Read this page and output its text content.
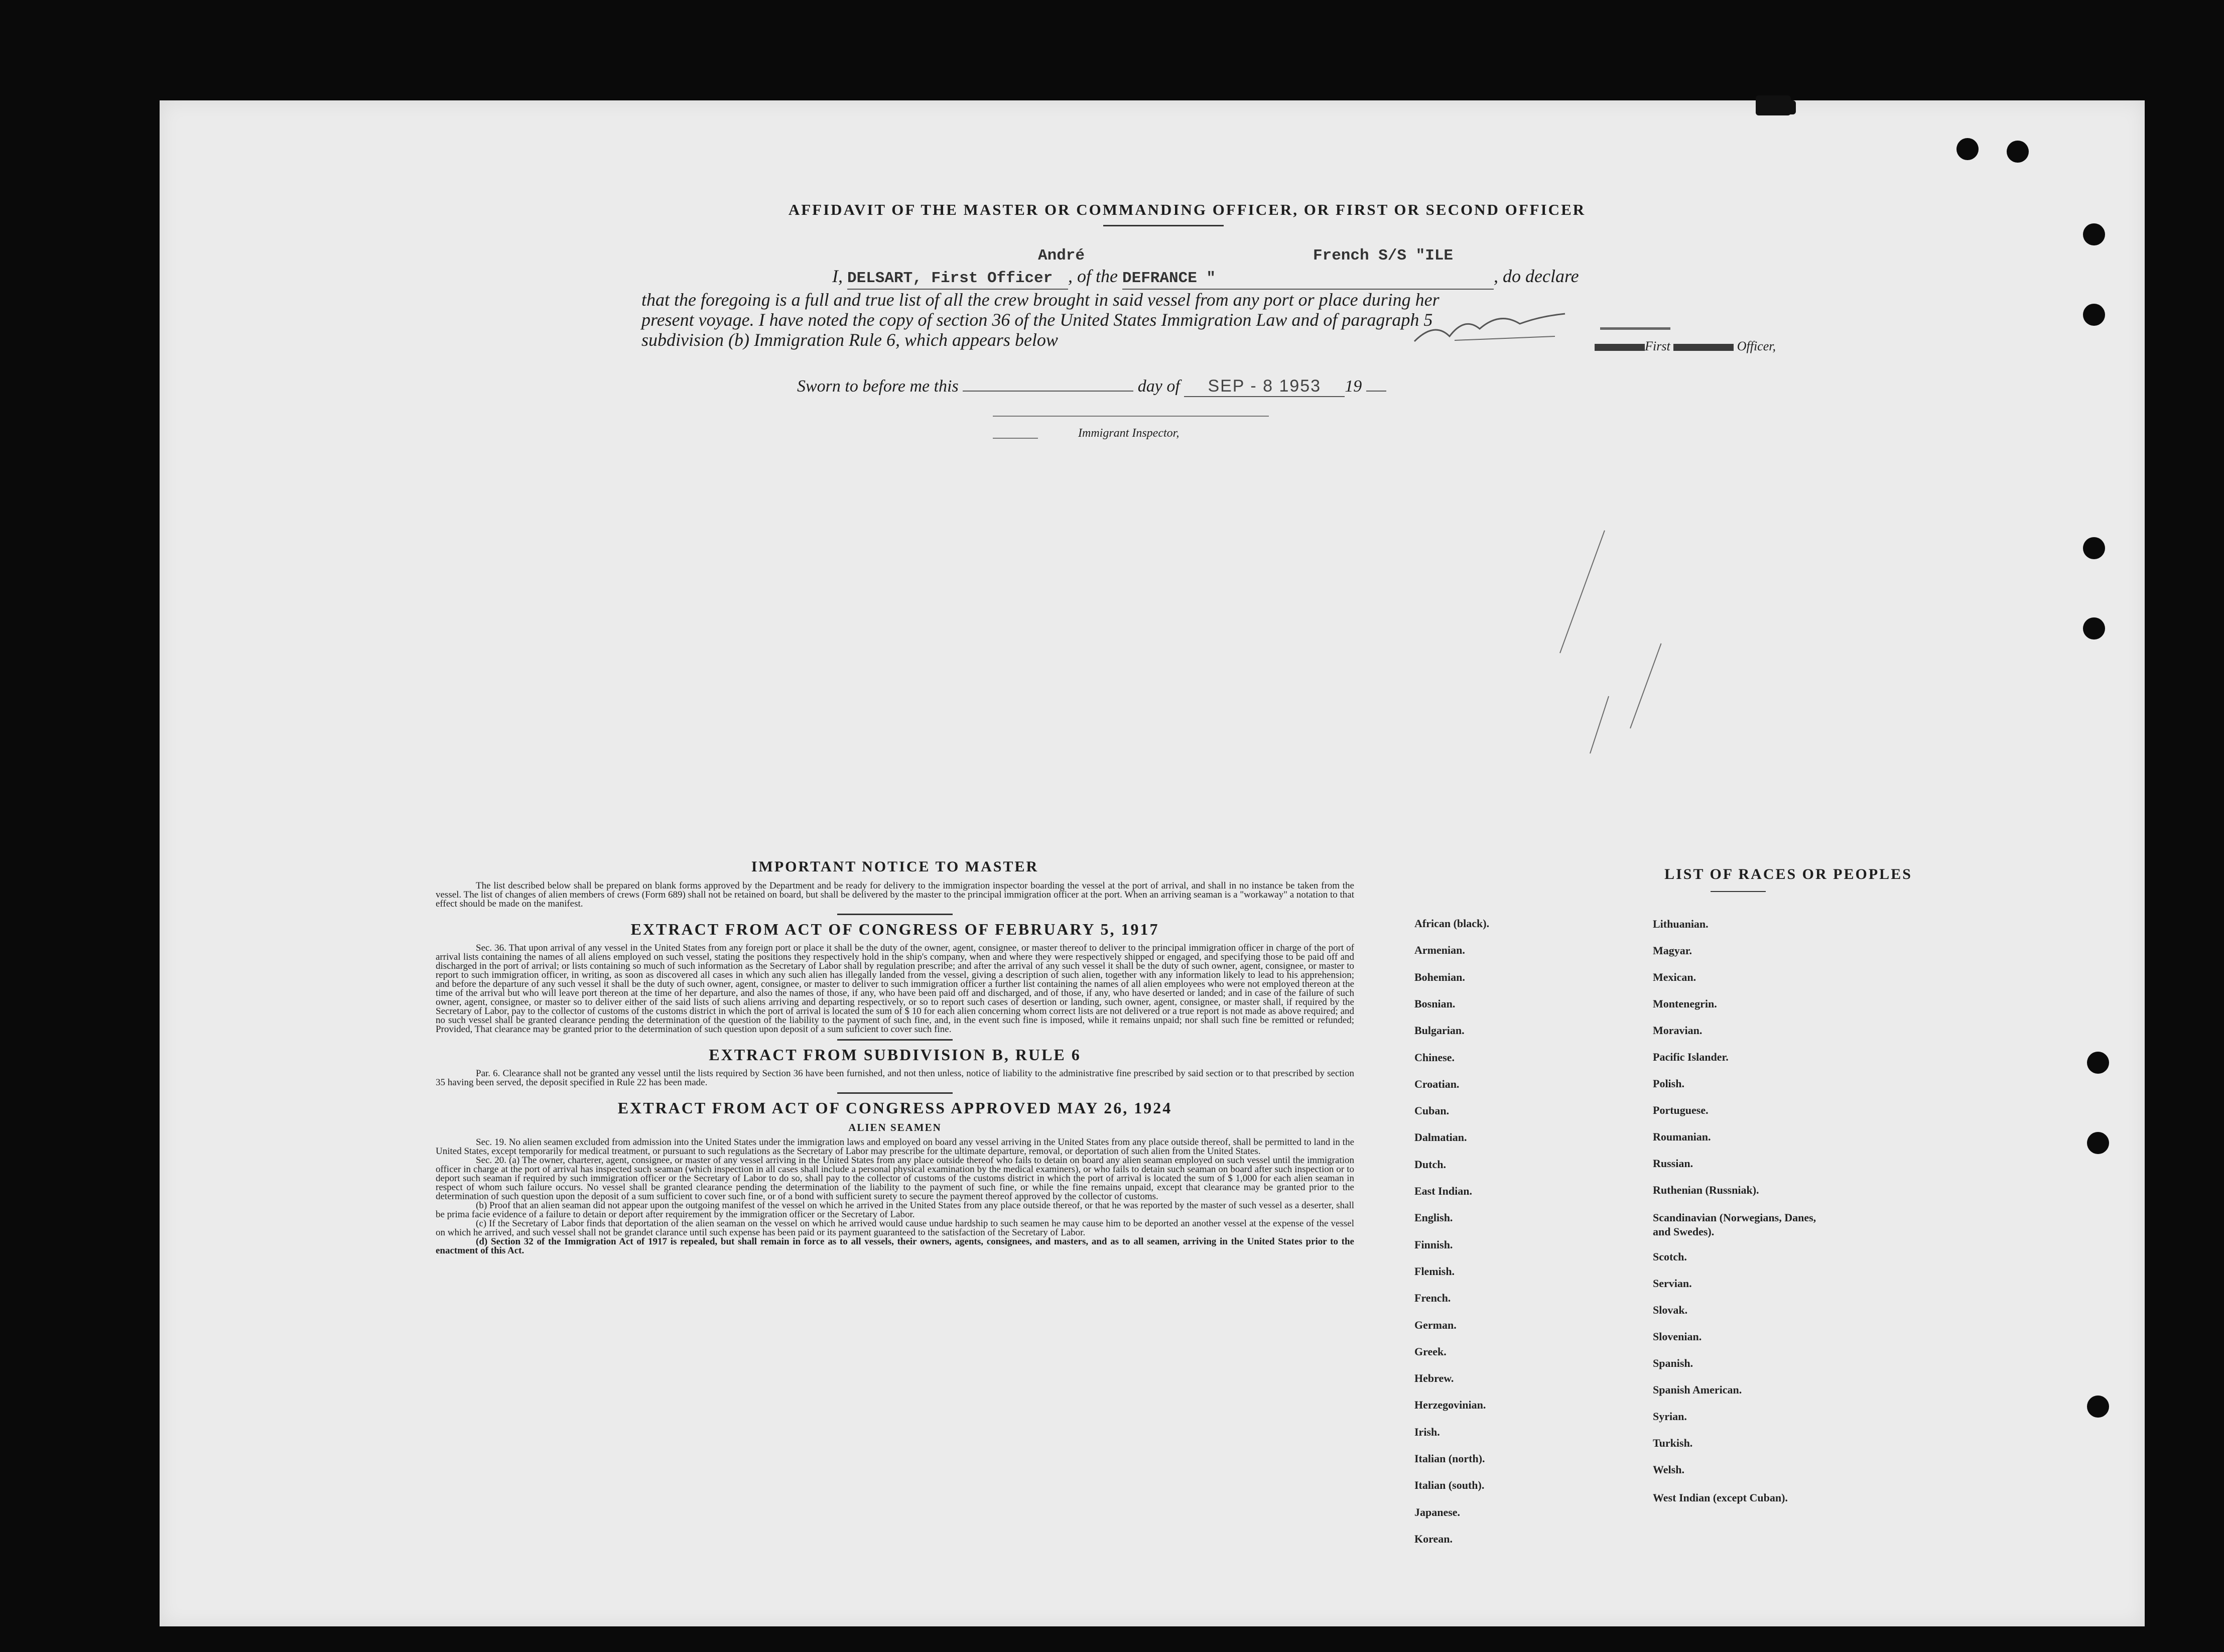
AFFIDAVIT OF THE MASTER OR COMMANDING OFFICER, OR FIRST OR SECOND OFFICER
I, André DELSART, First Officer , of the French S/S "ILE DEFRANCE "	, do declare
that the foregoing is a full and true list of all the crew brought in said vessel from any port or place during her
present voyage. I have noted the copy of section 36 of the United States Immigration Law and of paragraph 5
subdivision (b) Immigration Rule 6, which appears below	First	Officer,
Sworn to before me this	day of SEP - 8 1953 19
Immigrant Inspector,

IMPORTANT NOTICE TO MASTER

The list described below shall be prepared on blank forms approved by the Department and be ready for delivery to the immigration inspector boarding the vessel at the port of arrival, and shall in no instance be taken from the vessel. The list of changes of alien members of crews (Form 689) shall not be retained on board, but shall be delivered by the master to the principal immigration officer at the port. When an arriving seaman is a "workaway" a notation to that effect should be made on the manifest.

EXTRACT FROM ACT OF CONGRESS OF FEBRUARY 5, 1917

Sec. 36. That upon arrival of any vessel in the United States from any foreign port or place it shall be the duty of the owner, agent, consignee, or master thereof to deliver to the principal immigration officer in charge of the port of arrival lists containing the names of all aliens employed on such vessel, stating the positions they respectively hold in the ship's company, when and where they were respectively shipped or engaged, and specifying those to be paid off and discharged in the port of arrival; or lists containing so much of such information as the Secretary of Labor shall by regulation prescribe; and after the arrival of any such vessel it shall be the duty of such owner, agent, consignee, or master to report to such immigration officer, in writing, as soon as discovered all cases in which any such alien has illegally landed from the vessel, giving a description of such alien, together with any information likely to lead to his apprehension; and before the departure of any such vessel it shall be the duty of such owner, agent, consignee, or master to deliver to such immigration officer a further list containing the names of all alien employees who were not employed thereon at the time of the arrival but who will leave port thereon at the time of her departure, and also the names of those, if any, who have been paid off and discharged, and of those, if any, who have deserted or landed; and in case of the failure of such owner, agent, consignee, or master so to deliver either of the said lists of such aliens arriving and departing respectively, or so to report such cases of desertion or landing, such owner, agent, consignee, or master shall, if required by the Secretary of Labor, pay to the collector of customs of the customs district in which the port of arrival is located the sum of $ 10 for each alien concerning whom correct lists are not delivered or a true report is not made as above required; and no such vessel shall be granted clearance pending the determination of the question of the liability to the payment of such fine, and, in the event such fine is imposed, while it remains unpaid; nor shall such fine be remitted or refunded; Provided, That clearance may be granted prior to the determination of such question upon deposit of a sum suficient to cover such fine.

EXTRACT FROM SUBDIVISION B, RULE 6

Par. 6. Clearance shall not be granted any vessel until the lists required by Section 36 have been furnished, and not then unless, notice of liability to the administrative fine prescribed by said section or to that prescribed by section 35 having been served, the deposit specified in Rule 22 has been made.

EXTRACT FROM ACT OF CONGRESS APPROVED MAY 26, 1924

ALIEN SEAMEN

Sec. 19. No alien seamen excluded from admission into the United States under the immigration laws and employed on board any vessel arriving in the United States from any place outside thereof, shall be permitted to land in the United States, except temporarily for medical treatment, or pursuant to such regulations as the Secretary of Labor may prescribe for the ultimate departure, removal, or deportation of such alien from the United States.

Sec. 20. (a) The owner, charterer, agent, consignee, or master of any vessel arriving in the United States from any place outside thereof who fails to detain on board any alien seaman employed on such vessel until the immigration officer in charge at the port of arrival has inspected such seaman (which inspection in all cases shall include a personal physical examination by the medical examiners), or who fails to detain such seaman on board after such inspection or to deport such seaman if required by such immigration officer or the Secretary of Labor to do so, shall pay to the collector of customs of the customs district in which the port of arrival is located the sum of $ 1,000 for each alien seaman in respect of whom such failure occurs. No vessel shall be granted clearance pending the determination of the liability to the payment of such fine, or while the fine remains unpaid, except that clearance may be granted prior to the determination of such question upon the deposit of a sum sufficient to cover such fine, or of a bond with sufficient surety to secure the payment thereof approved by the collector of customs.

(b) Proof that an alien seaman did not appear upon the outgoing manifest of the vessel on which he arrived in the United States from any place outside thereof, or that he was reported by the master of such vessel as a deserter, shall be prima facie evidence of a failure to detain or deport after requirement by the immigration officer or the Secretary of Labor.

(c) If the Secretary of Labor finds that deportation of the alien seaman on the vessel on which he arrived would cause undue hardship to such seamen he may cause him to be deported an another vessel at the expense of the vessel on which he arrived, and such vessel shall not be grandet clarance until such expense has been paid or its payment guaranteed to the satisfaction of the Secretary of Labor.

(d) Section 32 of the Immigration Act of 1917 is repealed, but shall remain in force as to all vessels, their owners, agents, consignees, and masters, and as to all seamen, arriving in the United States prior to the enactment of this Act.

LIST OF RACES OR PEOPLES
African (black).
Armenian.
Bohemian.
Bosnian.
Bulgarian.
Chinese.
Croatian.
Cuban.
Dalmatian.
Dutch.
East Indian.
English.
Finnish.
Flemish.
French.
German.
Greek.
Hebrew.
Herzegovinian.
Irish.
Italian (north).
Italian (south).
Japanese.
Korean.
Lithuanian.
Magyar.
Mexican.
Montenegrin.
Moravian.
Pacific Islander.
Polish.
Portuguese.
Roumanian.
Russian.
Ruthenian (Russniak).
Scandinavian (Norwegians, Danes, and Swedes).
Scotch.
Servian.
Slovak.
Slovenian.
Spanish.
Spanish American.
Syrian.
Turkish.
Welsh.
West Indian (except Cuban).
